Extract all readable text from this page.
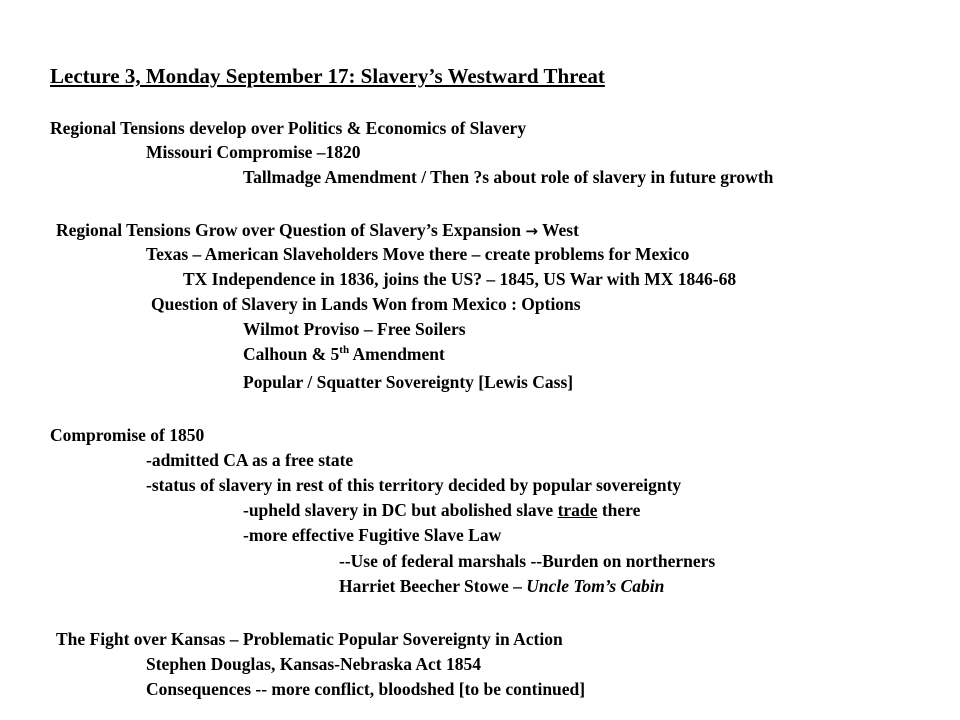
Lecture 3, Monday September 17: Slavery’s Westward Threat
Regional Tensions develop over Politics & Economics of Slavery
Missouri Compromise –1820
Tallmadge Amendment / Then ?s about role of slavery in future growth
Regional Tensions Grow over Question of Slavery’s Expansion → West
Texas – American Slaveholders Move there – create problems for Mexico
TX Independence in 1836, joins the US? – 1845, US War with MX 1846-68
Question of Slavery in Lands Won from Mexico : Options
Wilmot Proviso – Free Soilers
Calhoun & 5th Amendment
Popular / Squatter Sovereignty [Lewis Cass]
Compromise of 1850
-admitted CA as a free state
-status of slavery in rest of this territory decided by popular sovereignty
-upheld slavery in DC but abolished slave trade there
-more effective Fugitive Slave Law
--Use of federal marshals --Burden on northerners
Harriet Beecher Stowe – Uncle Tom’s Cabin
The Fight over Kansas – Problematic Popular Sovereignty in Action
Stephen Douglas, Kansas-Nebraska Act 1854
Consequences -- more conflict, bloodshed [to be continued]
